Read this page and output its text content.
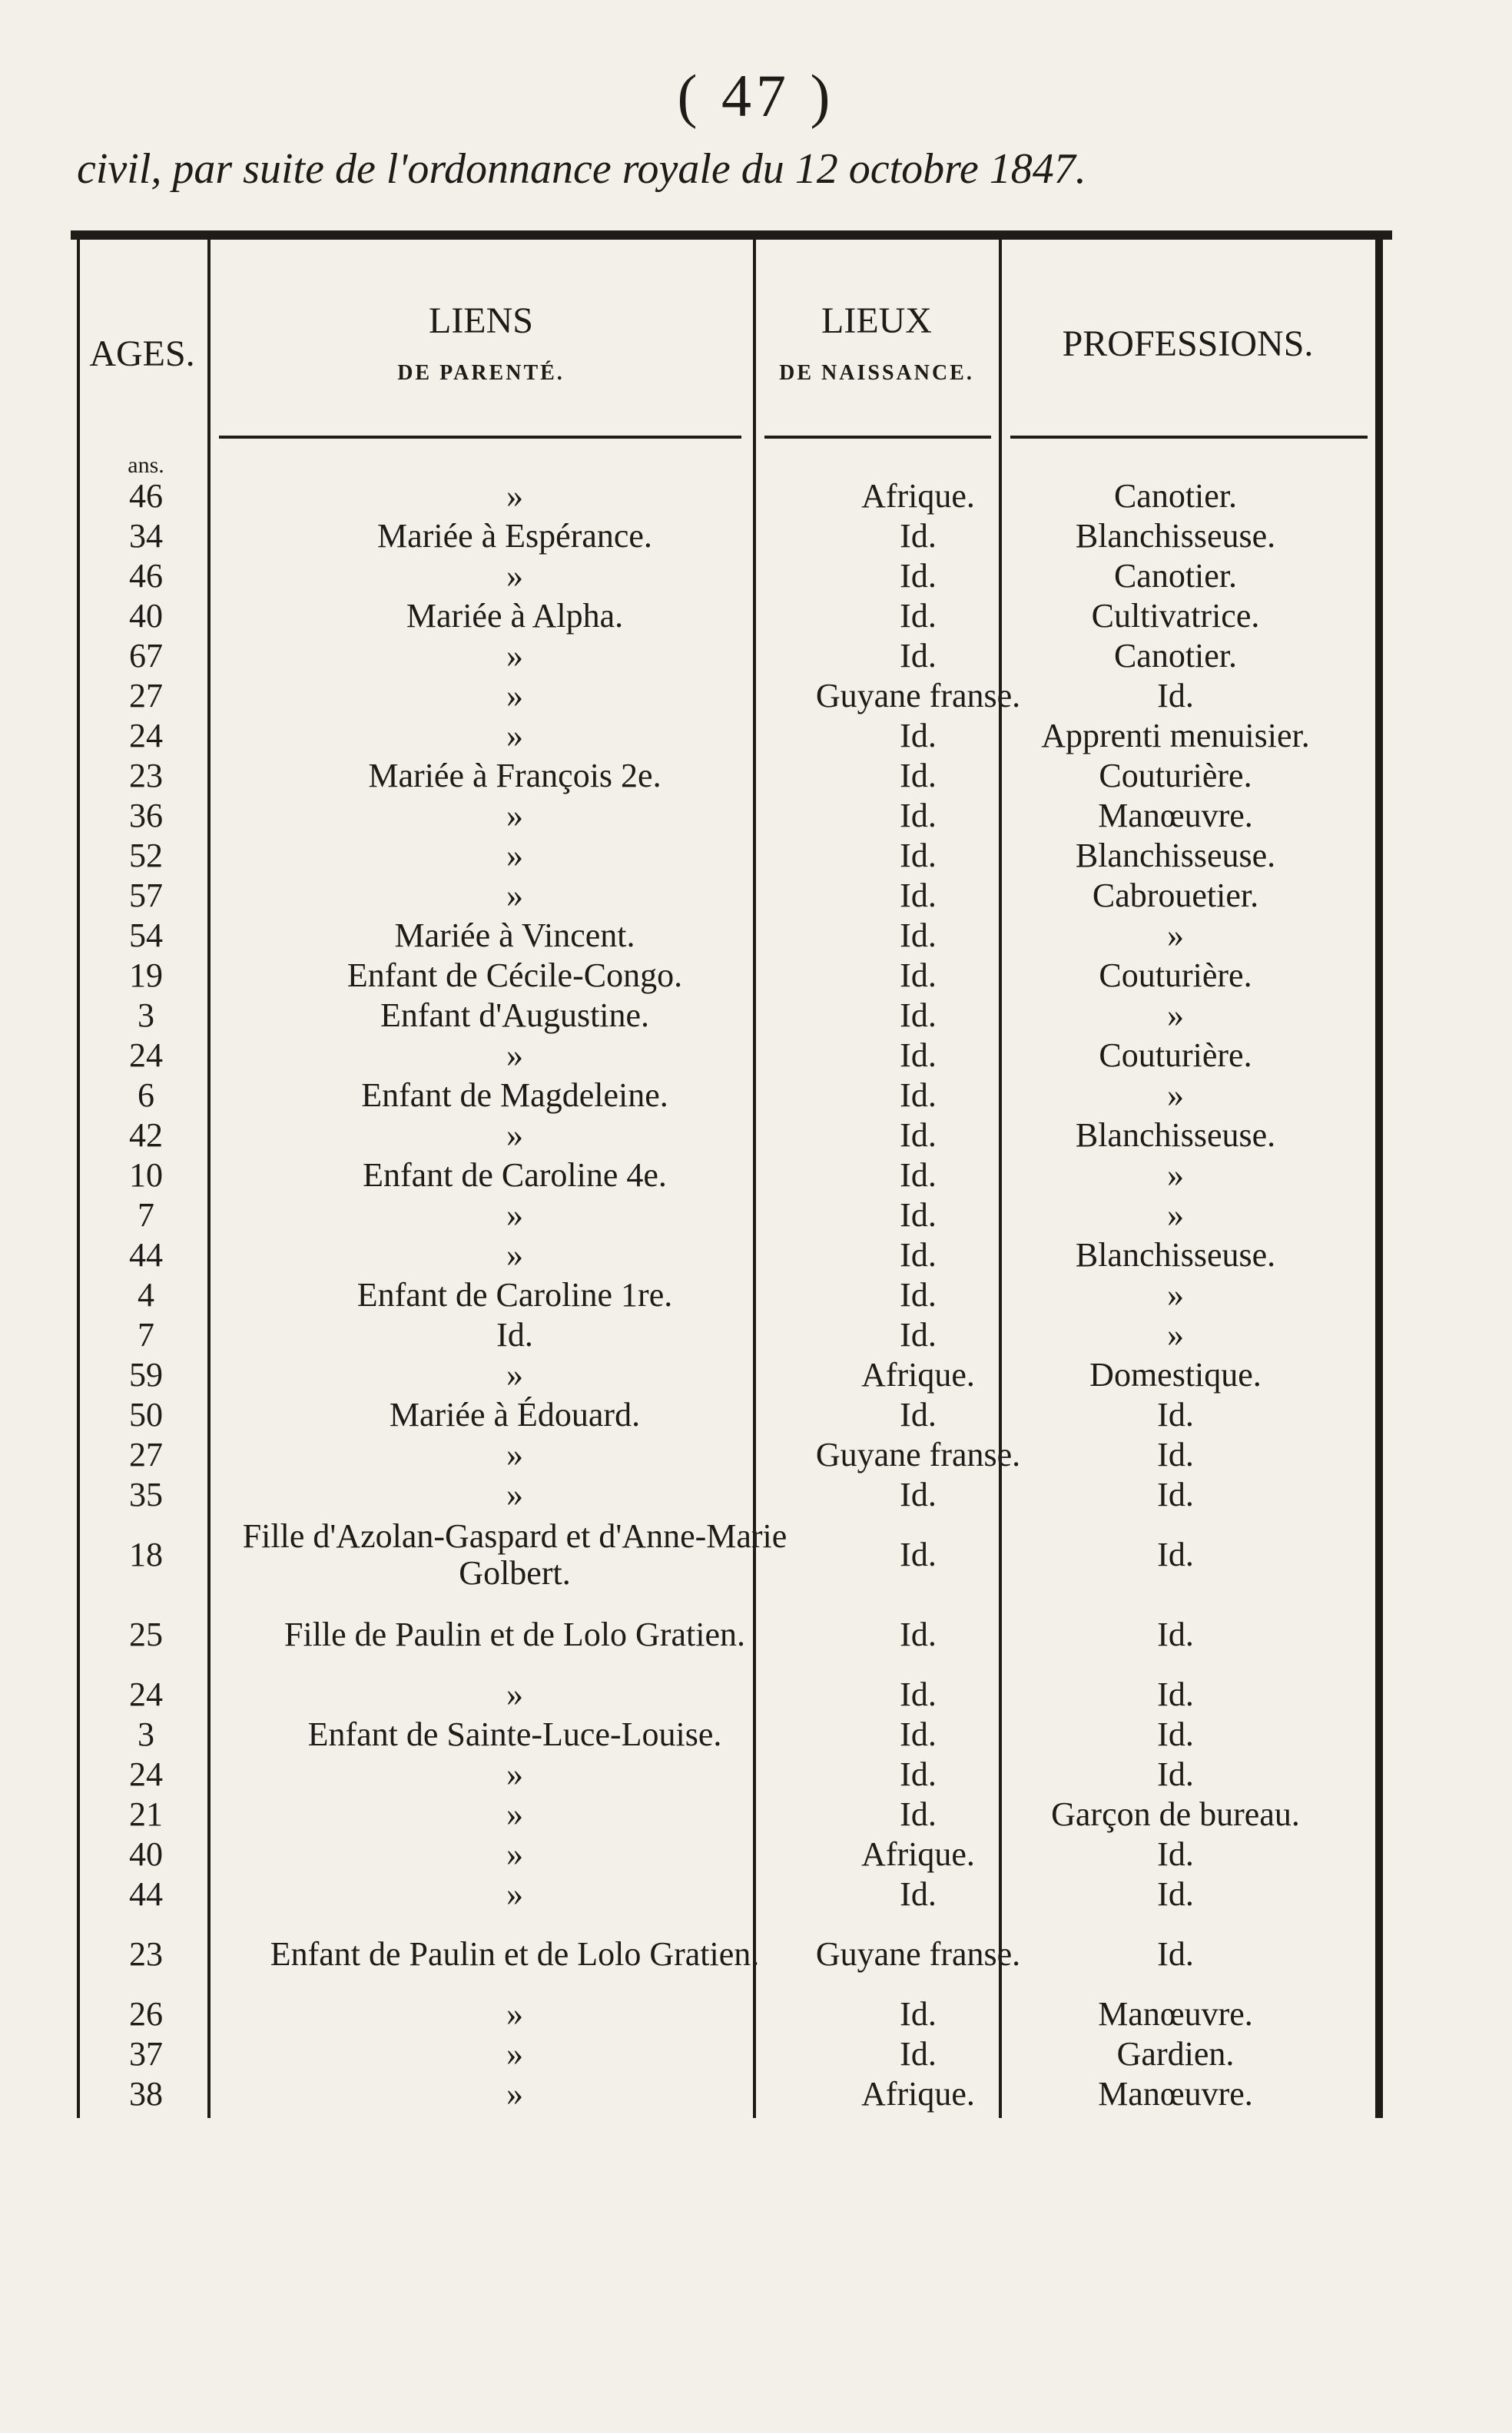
( 47 )
civil, par suite de l'ordonnance royale du 12 octobre 1847.
AGES.
LIENS
DE PARENTÉ.
LIEUX
DE NAISSANCE.
PROFESSIONS.
ans.
46	»	Afrique.	Canotier.
34	Mariée à Espérance.	Id.	Blanchisseuse.
46	»	Id.	Canotier.
40	Mariée à Alpha.	Id.	Cultivatrice.
67	»	Id.	Canotier.
27	»	Guyane franse.	Id.
24	»	Id.	Apprenti menuisier.
23	Mariée à François 2e.	Id.	Couturière.
36	»	Id.	Manœuvre.
52	»	Id.	Blanchisseuse.
57	»	Id.	Cabrouetier.
54	Mariée à Vincent.	Id.	»
19	Enfant de Cécile-Congo.	Id.	Couturière.
3	Enfant d'Augustine.	Id.	»
24	»	Id.	Couturière.
6	Enfant de Magdeleine.	Id.	»
42	»	Id.	Blanchisseuse.
10	Enfant de Caroline 4e.	Id.	»
7	»	Id.	»
44	»	Id.	Blanchisseuse.
4	Enfant de Caroline 1re.	Id.	»
7	Id.	Id.	»
59	»	Afrique.	Domestique.
50	Mariée à Édouard.	Id.	Id.
27	»	Guyane franse.	Id.
35	»	Id.	Id.
18	Fille d'Azolan-Gaspard et d'Anne-Marie Golbert.	Id.	Id.
25	Fille de Paulin et de Lolo Gratien.	Id.	Id.
24	»	Id.	Id.
3	Enfant de Sainte-Luce-Louise.	Id.	Id.
24	»	Id.	Id.
21	»	Id.	Garçon de bureau.
40	»	Afrique.	Id.
44	»	Id.	Id.
23	Enfant de Paulin et de Lolo Gratien.	Guyane franse.	Id.
26	»	Id.	Manœuvre.
37	»	Id.	Gardien.
38	»	Afrique.	Manœuvre.
